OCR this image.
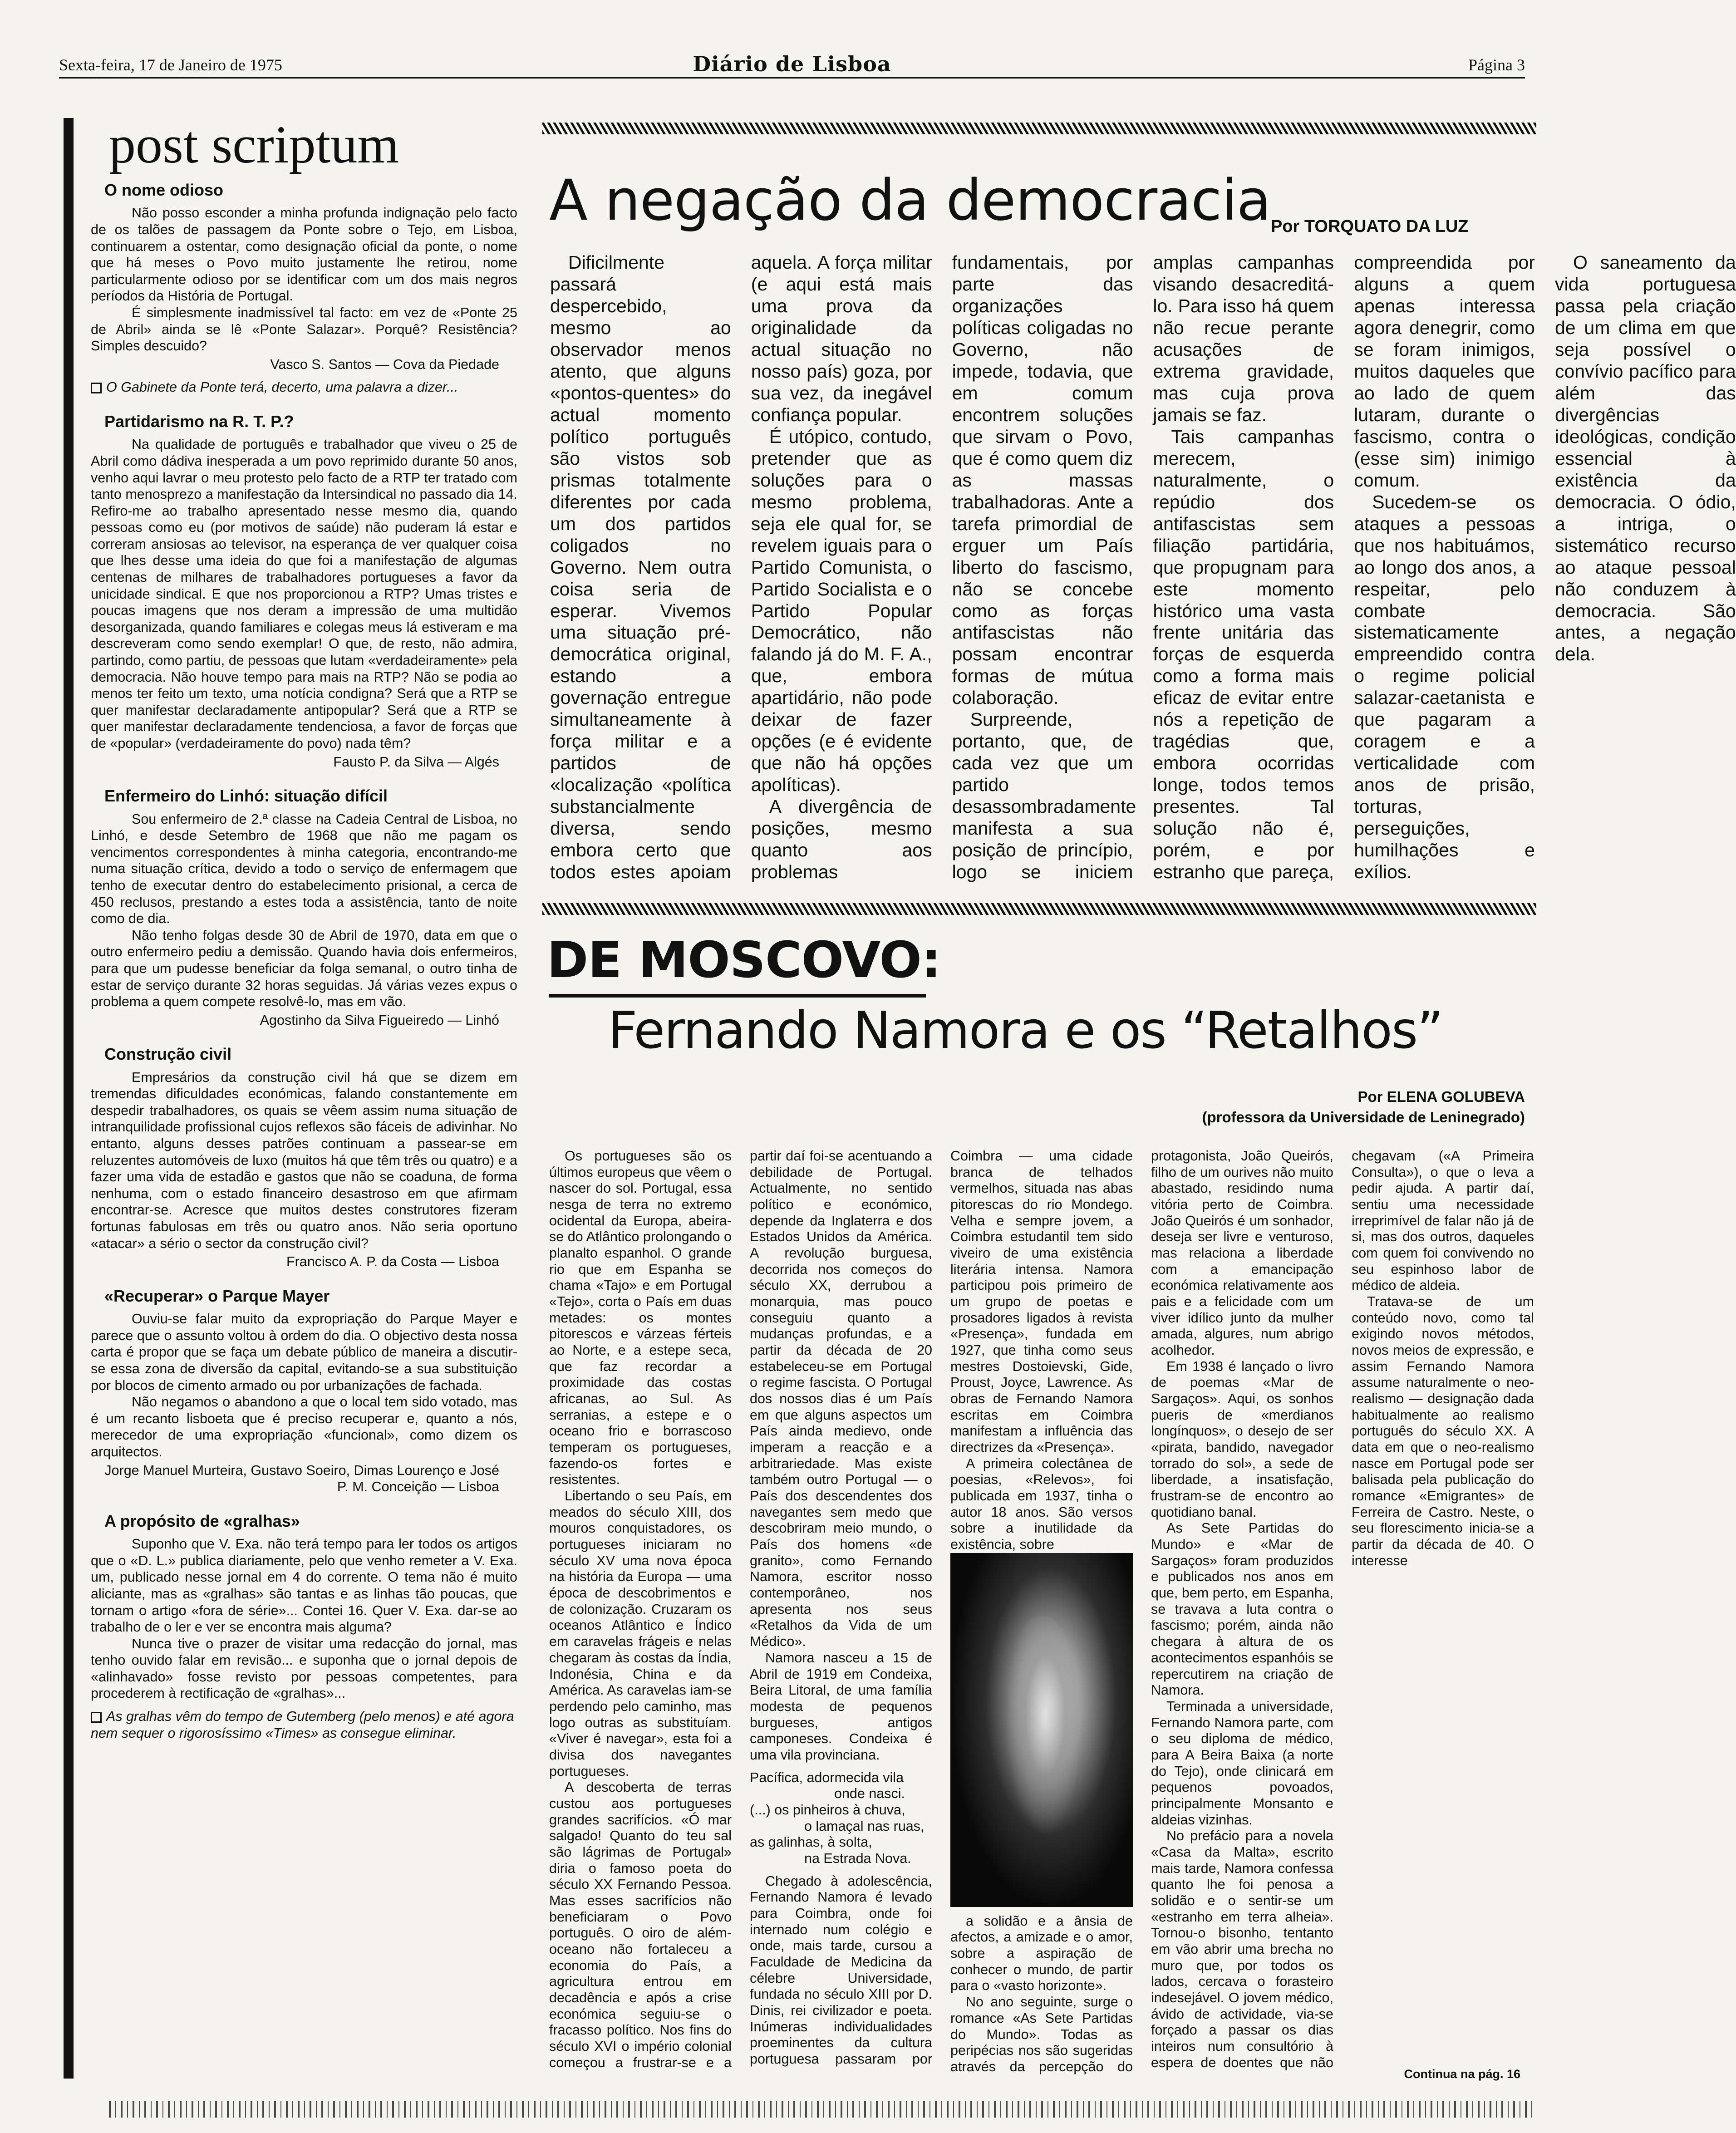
Sexta-feira, 17 de Janeiro de 1975	Diário de Lisboa	Página 3
post scriptum
O nome odioso

Não posso esconder a minha profunda indignação pelo facto de os talões de passagem da Ponte sobre o Tejo, em Lisboa, continuarem a ostentar, como designação oficial da ponte, o nome que há meses o Povo muito justamente lhe retirou, nome particularmente odioso por se identificar com um dos mais negros períodos da História de Portugal.

É simplesmente inadmissível tal facto: em vez de «Ponte 25 de Abril» ainda se lê «Ponte Salazar». Porquê? Resistência? Simples descuido?

Vasco S. Santos — Cova da Piedade
O Gabinete da Ponte terá, decerto, uma palavra a dizer...
Partidarismo na R. T. P.?

Na qualidade de português e trabalhador que viveu o 25 de Abril como dádiva inesperada a um povo reprimido durante 50 anos, venho aqui lavrar o meu protesto pelo facto de a RTP ter tratado com tanto menosprezo a manifestação da Intersindical no passado dia 14. Refiro-me ao trabalho apresentado nesse mesmo dia, quando pessoas como eu (por motivos de saúde) não puderam lá estar e correram ansiosas ao televisor, na esperança de ver qualquer coisa que lhes desse uma ideia do que foi a manifestação de algumas centenas de milhares de trabalhadores portugueses a favor da unicidade sindical. E que nos proporcionou a RTP? Umas tristes e poucas imagens que nos deram a impressão de uma multidão desorganizada, quando familiares e colegas meus lá estiveram e ma descreveram como sendo exemplar! O que, de resto, não admira, partindo, como partiu, de pessoas que lutam «verdadeiramente» pela democracia. Não houve tempo para mais na RTP? Não se podia ao menos ter feito um texto, uma notícia condigna? Será que a RTP se quer manifestar declaradamente antipopular? Será que a RTP se quer manifestar declaradamente tendenciosa, a favor de forças que de «popular» (verdadeiramente do povo) nada têm?

Fausto P. da Silva — Algés
Enfermeiro do Linhó: situação difícil

Sou enfermeiro de 2.ª classe na Cadeia Central de Lisboa, no Linhó, e desde Setembro de 1968 que não me pagam os vencimentos correspondentes à minha categoria, encontrando-me numa situação crítica, devido a todo o serviço de enfermagem que tenho de executar dentro do estabelecimento prisional, a cerca de 450 reclusos, prestando a estes toda a assistência, tanto de noite como de dia.

Não tenho folgas desde 30 de Abril de 1970, data em que o outro enfermeiro pediu a demissão. Quando havia dois enfermeiros, para que um pudesse beneficiar da folga semanal, o outro tinha de estar de serviço durante 32 horas seguidas. Já várias vezes expus o problema a quem compete resolvê-lo, mas em vão.

Agostinho da Silva Figueiredo — Linhó
Construção civil

Empresários da construção civil há que se dizem em tremendas dificuldades económicas, falando constantemente em despedir trabalhadores, os quais se vêem assim numa situação de intranquilidade profissional cujos reflexos são fáceis de adivinhar. No entanto, alguns desses patrões continuam a passear-se em reluzentes automóveis de luxo (muitos há que têm três ou quatro) e a fazer uma vida de estadão e gastos que não se coaduna, de forma nenhuma, com o estado financeiro desastroso em que afirmam encontrar-se. Acresce que muitos destes construtores fizeram fortunas fabulosas em três ou quatro anos. Não seria oportuno «atacar» a sério o sector da construção civil?

Francisco A. P. da Costa — Lisboa
«Recuperar» o Parque Mayer

Ouviu-se falar muito da expropriação do Parque Mayer e parece que o assunto voltou à ordem do dia. O objectivo desta nossa carta é propor que se faça um debate público de maneira a discutir-se essa zona de diversão da capital, evitando-se a sua substituição por blocos de cimento armado ou por urbanizações de fachada.

Não negamos o abandono a que o local tem sido votado, mas é um recanto lisboeta que é preciso recuperar e, quanto a nós, merecedor de uma expropriação «funcional», como dizem os arquitectos.

Jorge Manuel Murteira, Gustavo Soeiro, Dimas Lourenço e José P. M. Conceição — Lisboa
A propósito de «gralhas»

Suponho que V. Exa. não terá tempo para ler todos os artigos que o «D. L.» publica diariamente, pelo que venho remeter a V. Exa. um, publicado nesse jornal em 4 do corrente. O tema não é muito aliciante, mas as «gralhas» são tantas e as linhas tão poucas, que tornam o artigo «fora de série»... Contei 16. Quer V. Exa. dar-se ao trabalho de o ler e ver se encontra mais alguma?

Nunca tive o prazer de visitar uma redacção do jornal, mas tenho ouvido falar em revisão... e suponha que o jornal depois de «alinhavado» fosse revisto por pessoas competentes, para procederem à rectificação de «gralhas»...

As gralhas vêm do tempo de Gutemberg (pelo menos) e até agora nem sequer o rigorosíssimo «Times» as consegue eliminar.
A negação da democracia Por TORQUATO DA LUZ

Dificilmente passará despercebido, mesmo ao observador menos atento, que alguns «pontos-quentes» do actual momento político português são vistos sob prismas totalmente diferentes por cada um dos partidos coligados no Governo. Nem outra coisa seria de esperar. Vivemos uma situação pré-democrática original, estando a governação entregue simultaneamente à força militar e a partidos de «localização «política substancialmente diversa, sendo embora certo que todos estes apoiam aquela. A força militar (e aqui está mais uma prova da originalidade da actual situação no nosso país) goza, por sua vez, da inegável confiança popular.

É utópico, contudo, pretender que as soluções para o mesmo problema, seja ele qual for, se revelem iguais para o Partido Comunista, o Partido Socialista e o Partido Popular Democrático, não falando já do M. F. A., que, embora apartidário, não pode deixar de fazer opções (e é evidente que não há opções apolíticas).

A divergência de posições, mesmo quanto aos problemas fundamentais, por parte das organizações políticas coligadas no Governo, não impede, todavia, que em comum encontrem soluções que sirvam o Povo, que é como quem diz as massas trabalhadoras. Ante a tarefa primordial de erguer um País liberto do fascismo, não se concebe como as forças antifascistas não possam encontrar formas de mútua colaboração.

Surpreende, portanto, que, de cada vez que um partido desassombradamente manifesta a sua posição de princípio, logo se iniciem amplas campanhas visando desacreditá-lo. Para isso há quem não recue perante acusações de extrema gravidade, mas cuja prova jamais se faz.

Tais campanhas merecem, naturalmente, o repúdio dos antifascistas sem filiação partidária, que propugnam para este momento histórico uma vasta frente unitária das forças de esquerda como a forma mais eficaz de evitar entre nós a repetição de tragédias que, embora ocorridas longe, todos temos presentes. Tal solução não é, porém, e por estranho que pareça, compreendida por alguns a quem apenas interessa agora denegrir, como se foram inimigos, muitos daqueles que ao lado de quem lutaram, durante o fascismo, contra o (esse sim) inimigo comum.

Sucedem-se os ataques a pessoas que nos habituámos, ao longo dos anos, a respeitar, pelo combate sistematicamente empreendido contra o regime policial salazar-caetanista e que pagaram a coragem e a verticalidade com anos de prisão, torturas, perseguições, humilhações e exílios.

O saneamento da vida portuguesa passa pela criação de um clima em que seja possível o convívio pacífico para além das divergências ideológicas, condição essencial à existência da democracia. O ódio, a intriga, o sistemático recurso ao ataque pessoal não conduzem à democracia. São antes, a negação dela.

DE MOSCOVO:
Fernando Namora e os “Retalhos”
Por ELENA GOLUBEVA
(professora da Universidade de Leninegrado)

Os portugueses são os últimos europeus que vêem o nascer do sol. Portugal, essa nesga de terra no extremo ocidental da Europa, abeira-se do Atlântico prolongando o planalto espanhol. O grande rio que em Espanha se chama «Tajo» e em Portugal «Tejo», corta o País em duas metades: os montes pitorescos e várzeas férteis ao Norte, e a estepe seca, que faz recordar a proximidade das costas africanas, ao Sul. As serranias, a estepe e o oceano frio e borrascoso temperam os portugueses, fazendo-os fortes e resistentes.

Libertando o seu País, em meados do século XIII, dos mouros conquistadores, os portugueses iniciaram no século XV uma nova época na história da Europa — uma época de descobrimentos e de colonização. Cruzaram os oceanos Atlântico e Índico em caravelas frágeis e nelas chegaram às costas da Índia, Indonésia, China e da América. As caravelas iam-se perdendo pelo caminho, mas logo outras as substituíam. «Viver é navegar», esta foi a divisa dos navegantes portugueses.

A descoberta de terras custou aos portugueses grandes sacrifícios. «Ó mar salgado! Quanto do teu sal são lágrimas de Portugal» diria o famoso poeta do século XX Fernando Pessoa. Mas esses sacrifícios não beneficiaram o Povo português. O oiro de além-oceano não fortaleceu a economia do País, a agricultura entrou em decadência e após a crise económica seguiu-se o fracasso político. Nos fins do século XVI o império colonial começou a frustrar-se e a partir daí foi-se acentuando a debilidade de Portugal. Actualmente, no sentido político e económico, depende da Inglaterra e dos Estados Unidos da América. A revolução burguesa, decorrida nos começos do século XX, derrubou a monarquia, mas pouco conseguiu quanto a mudanças profundas, e a partir da década de 20 estabeleceu-se em Portugal o regime fascista. O Portugal dos nossos dias é um País em que alguns aspectos um País ainda medievo, onde imperam a reacção e a arbitrariedade. Mas existe também outro Portugal — o País dos descendentes dos navegantes sem medo que descobriram meio mundo, o País dos homens «de granito», como Fernando Namora, escritor nosso contemporâneo, nos apresenta nos seus «Retalhos da Vida de um Médico».

Namora nasceu a 15 de Abril de 1919 em Condeixa, Beira Litoral, de uma família modesta de pequenos burgueses, antigos camponeses. Condeixa é uma vila provinciana.

Pacífica, adormecida vila
onde nasci.
(...) os pinheiros à chuva,
o lamaçal nas ruas,
as galinhas, à solta,
na Estrada Nova.

Chegado à adolescência, Fernando Namora é levado para Coimbra, onde foi internado num colégio e onde, mais tarde, cursou a Faculdade de Medicina da célebre Universidade, fundada no século XIII por D. Dinis, rei civilizador e poeta. Inúmeras individualidades proeminentes da cultura portuguesa passaram por Coimbra — uma cidade branca de telhados vermelhos, situada nas abas pitorescas do rio Mondego. Velha e sempre jovem, a Coimbra estudantil tem sido viveiro de uma existência literária intensa. Namora participou pois primeiro de um grupo de poetas e prosadores ligados à revista «Presença», fundada em 1927, que tinha como seus mestres Dostoievski, Gide, Proust, Joyce, Lawrence. As obras de Fernando Namora escritas em Coimbra manifestam a influência das directrizes da «Presença».

A primeira colectânea de poesias, «Relevos», foi publicada em 1937, tinha o autor 18 anos. São versos sobre a inutilidade da existência, sobre

a solidão e a ânsia de afectos, a amizade e o amor, sobre a aspiração de conhecer o mundo, de partir para o «vasto horizonte».

No ano seguinte, surge o romance «As Sete Partidas do Mundo». Todas as peripécias nos são sugeridas através da percepção do protagonista, João Queirós, filho de um ourives não muito abastado, residindo numa vitória perto de Coimbra. João Queirós é um sonhador, deseja ser livre e venturoso, mas relaciona a liberdade com a emancipação económica relativamente aos pais e a felicidade com um viver idílico junto da mulher amada, algures, num abrigo acolhedor.

Em 1938 é lançado o livro de poemas «Mar de Sargaços». Aqui, os sonhos pueris de «merdianos longínquos», o desejo de ser «pirata, bandido, navegador torrado do sol», a sede de liberdade, a insatisfação, frustram-se de encontro ao quotidiano banal.

As Sete Partidas do Mundo» e «Mar de Sargaços» foram produzidos e publicados nos anos em que, bem perto, em Espanha, se travava a luta contra o fascismo; porém, ainda não chegara à altura de os acontecimentos espanhóis se repercutirem na criação de Namora.

Terminada a universidade, Fernando Namora parte, com o seu diploma de médico, para A Beira Baixa (a norte do Tejo), onde clinicará em pequenos povoados, principalmente Monsanto e aldeias vizinhas.

No prefácio para a novela «Casa da Malta», escrito mais tarde, Namora confessa quanto lhe foi penosa a solidão e o sentir-se um «estranho em terra alheia». Tornou-o bisonho, tentanto em vão abrir uma brecha no muro que, por todos os lados, cercava o forasteiro indesejável. O jovem médico, ávido de actividade, via-se forçado a passar os dias inteiros num consultório à espera de doentes que não chegavam («A Primeira Consulta»), o que o leva a pedir ajuda. A partir daí, sentiu uma necessidade irreprimível de falar não já de si, mas dos outros, daqueles com quem foi convivendo no seu espinhoso labor de médico de aldeia.

Tratava-se de um conteúdo novo, como tal exigindo novos métodos, novos meios de expressão, e assim Fernando Namora assume naturalmente o neo-realismo — designação dada habitualmente ao realismo português do século XX. A data em que o neo-realismo nasce em Portugal pode ser balisada pela publicação do romance «Emigrantes» de Ferreira de Castro. Neste, o seu florescimento inicia-se a partir da década de 40. O interesse

Continua na pág. 16
